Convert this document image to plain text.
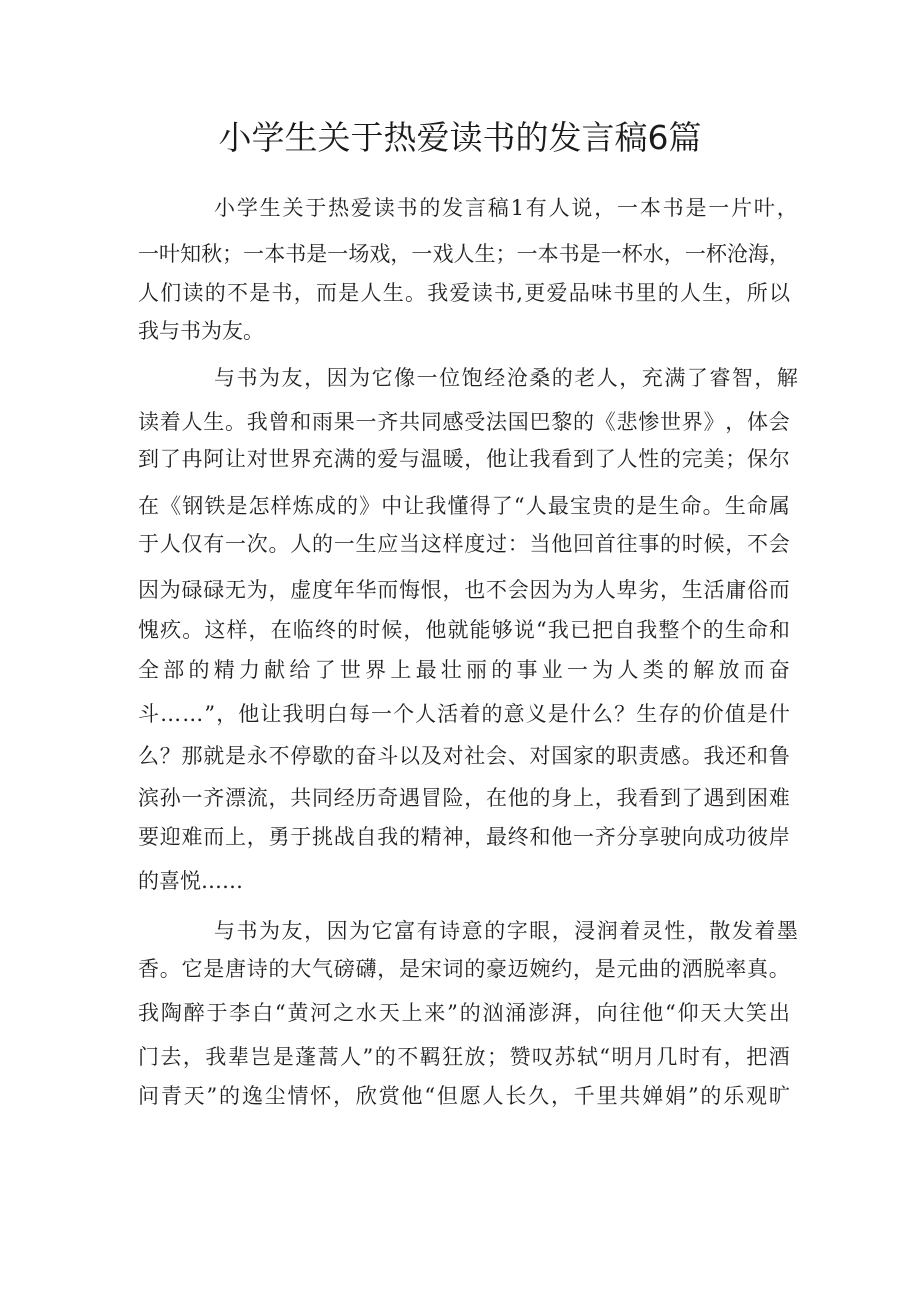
小学生关于热爱读书的发言稿6篇
小 学 生 关 于 热 爱 读 书 的 发 言 稿 1 有 人 说 ， 一 本 书 是 一 片 叶 ，
一 叶 知 秋 ； 一 本 书 是 一 场 戏 ， 一 戏 人 生 ； 一 本 书 是 一 杯 水 ， 一 杯 沧 海 ，
人 们 读 的 不 是 书 ， 而 是 人 生 。 我 爱 读 书 , 更 爱 品 味 书 里 的 人 生 ， 所 以
我与书为友。
与 书 为 友 ， 因 为 它 像 一 位 饱 经 沧 桑 的 老 人 ， 充 满 了 睿 智 ， 解
读 着 人 生 。 我 曾 和 雨 果 一 齐 共 同 感 受 法 国 巴 黎 的 《 悲 惨 世 界 》 ， 体 会
到 了 冉 阿 让 对 世 界 充 满 的 爱 与 温 暖 ， 他 让 我 看 到 了 人 性 的 完 美 ； 保 尔
在 《 钢 铁 是 怎 样 炼 成 的 》 中 让 我 懂 得 了 “ 人 最 宝 贵 的 是 生 命 。 生 命 属
于 人 仅 有 一 次 。 人 的 一 生 应 当 这 样 度 过 ： 当 他 回 首 往 事 的 时 候 ， 不 会
因 为 碌 碌 无 为 ， 虚 度 年 华 而 悔 恨 ， 也 不 会 因 为 为 人 卑 劣 ， 生 活 庸 俗 而
愧 疚 。 这 样 ， 在 临 终 的 时 候 ， 他 就 能 够 说 “ 我 已 把 自 我 整 个 的 生 命 和
全 部 的 精 力 献 给 了 世 界 上 最 壮 丽 的 事 业 一 为 人 类 的 解 放 而 奋
斗 … … ” ， 他 让 我 明 白 每 一 个 人 活 着 的 意 义 是 什 么 ？ 生 存 的 价 值 是 什
么 ？ 那 就 是 永 不 停 歇 的 奋 斗 以 及 对 社 会 、 对 国 家 的 职 责 感 。 我 还 和 鲁
滨 孙 一 齐 漂 流 ， 共 同 经 历 奇 遇 冒 险 ， 在 他 的 身 上 ， 我 看 到 了 遇 到 困 难
要 迎 难 而 上 ， 勇 于 挑 战 自 我 的 精 神 ， 最 终 和 他 一 齐 分 享 驶 向 成 功 彼 岸
的喜悦……
与 书 为 友 ， 因 为 它 富 有 诗 意 的 字 眼 ， 浸 润 着 灵 性 ， 散 发 着 墨
香 。 它 是 唐 诗 的 大 气 磅 礴 ， 是 宋 词 的 豪 迈 婉 约 ， 是 元 曲 的 洒 脱 率 真 。
我 陶 醉 于 李 白 “ 黄 河 之 水 天 上 来 ” 的 汹 涌 澎 湃 ， 向 往 他 “ 仰 天 大 笑 出
门 去 ， 我 辈 岂 是 蓬 蒿 人 ” 的 不 羁 狂 放 ； 赞 叹 苏 轼 “ 明 月 几 时 有 ， 把 酒
问 青 天 ” 的 逸 尘 情 怀 ， 欣 赏 他 “ 但 愿 人 长 久 ， 千 里 共 婵 娟 ” 的 乐 观 旷
